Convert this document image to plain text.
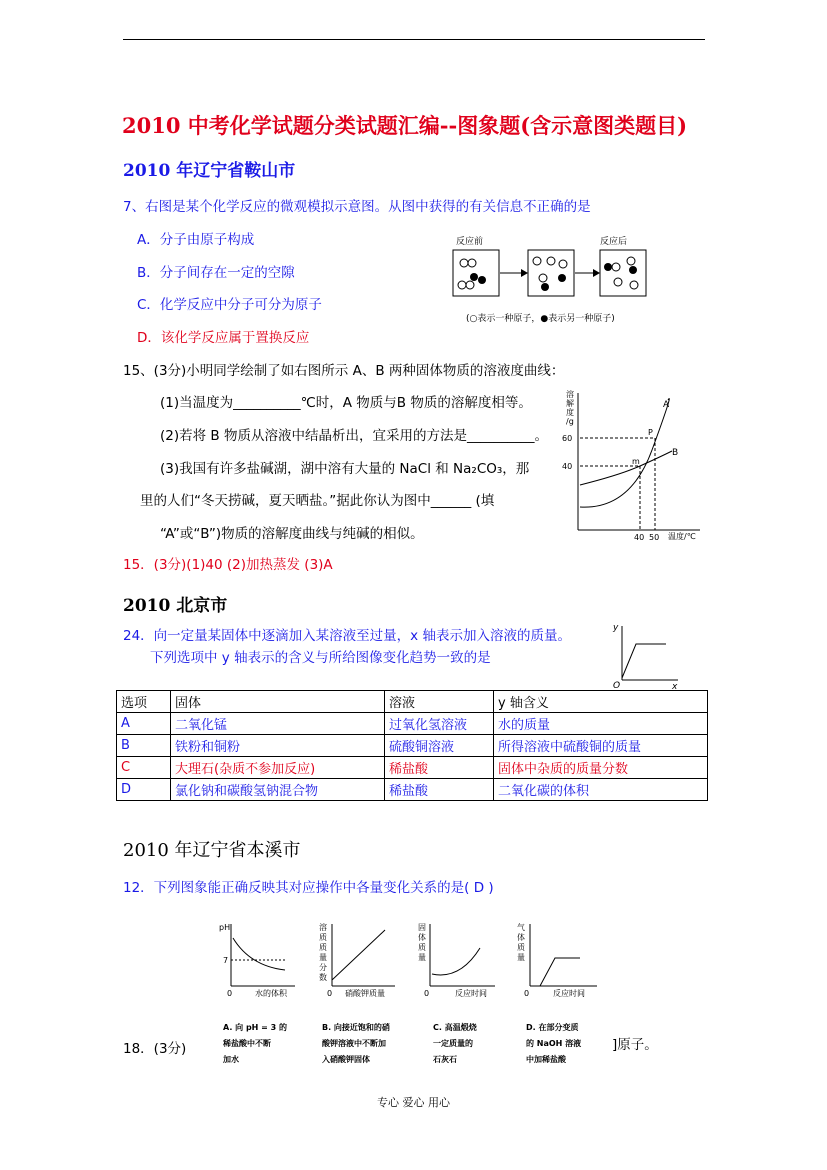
2010 中考化学试题分类试题汇编--图象题(含示意图类题目)
2010 年辽宁省鞍山市
7、右图是某个化学反应的微观模拟示意图。从图中获得的有关信息不正确的是
A．分子由原子构成
B．分子间存在一定的空隙
C．化学反应中分子可分为原子
D．该化学反应属于置换反应
反应前	反应后
(○表示一种原子，●表示另一种原子)
15、(3分)小明同学绘制了如右图所示 A、B 两种固体物质的溶液度曲线：
(1)当温度为__________℃时，A 物质与B 物质的溶解度相等。
(2)若将 B 物质从溶液中结晶析出，宜采用的方法是__________。
(3)我国有许多盐碱湖，湖中溶有大量的 NaCl 和 Na₂CO₃，那
里的人们“冬天捞碱，夏天晒盐。”据此你认为图中______ (填
“A”或“B”)物质的溶解度曲线与纯碱的相似。
15．(3分)(1)40 (2)加热蒸发 (3)A
溶
解
度
/g
60
40
40 50 温度/℃
A
B
P
m
2010 北京市
24．向一定量某固体中逐滴加入某溶液至过量，x 轴表示加入溶液的质量。
下列选项中 y 轴表示的含义与所给图像变化趋势一致的是
y
x
O
选项	固体	溶液	y 轴含义
A	二氧化锰	过氧化氢溶液	水的质量
B	铁粉和铜粉	硫酸铜溶液	所得溶液中硫酸铜的质量
C	大理石(杂质不参加反应)	稀盐酸	固体中杂质的质量分数
D	氯化钠和碳酸氢钠混合物	稀盐酸	二氧化碳的体积
2010 年辽宁省本溪市
12．下列图象能正确反映其对应操作中各量变化关系的是( D )
pH
7
0	水的体积
A. 向 pH = 3 的
稀盐酸中不断
加水
溶
质
质
量
分
数
0 硝酸钾质量
B. 向接近饱和的硝
酸钾溶液中不断加
入硝酸钾固体
固
体
质
量
0	反应时间
C. 高温煅烧
一定质量的
石灰石
气
体
质
量
0	反应时间
D. 在部分变质
的 NaOH 溶液
中加稀盐酸
18．(3分)	]原子。
专心 爱心 用心
